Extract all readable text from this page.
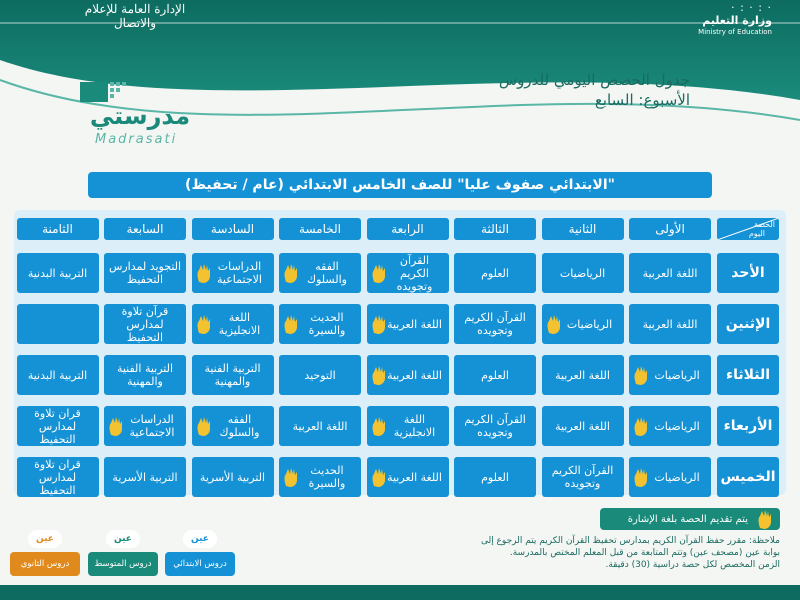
الإدارة العامة للإعلام والاتصال
· : · : ·
وزارة التعليم
Ministry of Education
جدول الحصص اليومي للدروس
الأسبوع: السابع
مدرستي
Madrasati
"الابتدائي صفوف عليا" للصف الخامس الابتدائي (عام / تحفيظ)
الحصة
اليوم
الأولى
الثانية
الثالثة
الرابعة
الخامسة
السادسة
السابعة
الثامنة
الأحد
اللغة العربية
الرياضيات
العلوم
القرآن الكريم وتجويده
الفقه والسلوك
الدراسات الاجتماعية
التجويد لمدارس التحفيظ
التربية البدنية
الإثنين
اللغة العربية
الرياضيات
القرآن الكريم وتجويده
اللغة العربية
الحديث والسيرة
اللغة الانجليزية
قرآن تلاوة لمدارس التحفيظ
الثلاثاء
الرياضيات
اللغة العربية
العلوم
اللغة العربية
التوحيد
التربية الفنية والمهنية
التربية الفنية والمهنية
التربية البدنية
الأربعاء
الرياضيات
اللغة العربية
القرآن الكريم وتجويده
اللغة الانجليزية
اللغة العربية
الفقه والسلوك
الدراسات الاجتماعية
قران تلاوة لمدارس التحفيظ
الخميس
الرياضيات
القرآن الكريم وتجويده
العلوم
اللغة العربية
الحديث والسيرة
التربية الأسرية
التربية الأسرية
قران تلاوة لمدارس التحفيظ
يتم تقديم الحصة بلغة الإشارة
ملاحظة: مقرر حفظ القرآن الكريم بمدارس تحفيظ القرآن الكريم يتم الرجوع إلى
بوابة عين (مصحف عين) وتتم المتابعة من قبل المعلم المختص بالمدرسة.
الزمن المخصص لكل حصة دراسية (30) دقيقة.
عين
دروس الابتدائي
عين
دروس المتوسط
عين
دروس الثانوي
